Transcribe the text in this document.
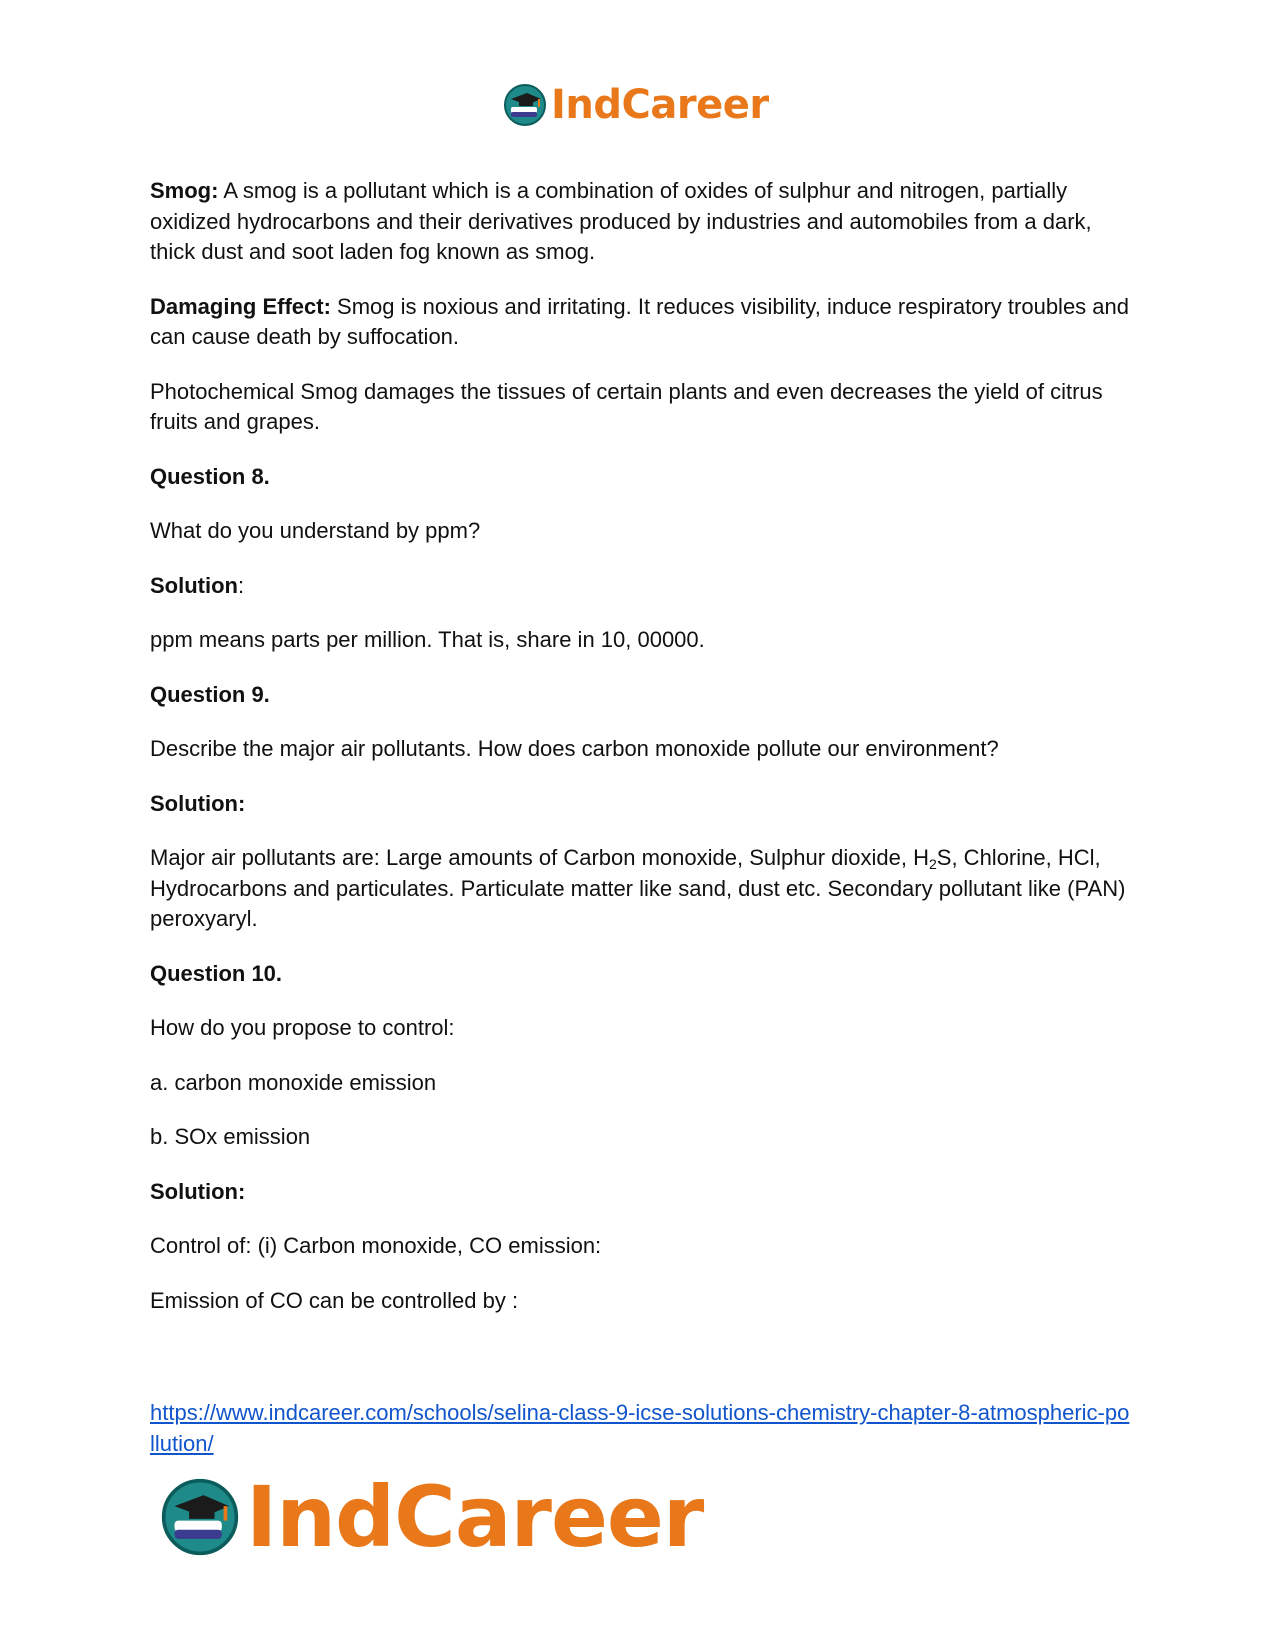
IndCareer

Smog: A smog is a pollutant which is a combination of oxides of sulphur and nitrogen, partially oxidized hydrocarbons and their derivatives produced by industries and automobiles from a dark, thick dust and soot laden fog known as smog.

Damaging Effect: Smog is noxious and irritating. It reduces visibility, induce respiratory troubles and can cause death by suffocation.

Photochemical Smog damages the tissues of certain plants and even decreases the yield of citrus fruits and grapes.

Question 8.

What do you understand by ppm?

Solution:

ppm means parts per million. That is, share in 10, 00000.

Question 9.

Describe the major air pollutants. How does carbon monoxide pollute our environment?

Solution:

Major air pollutants are: Large amounts of Carbon monoxide, Sulphur dioxide, $H_2S$, Chlorine, HCl, Hydrocarbons and particulates. Particulate matter like sand, dust etc. Secondary pollutant like (PAN) peroxyaryl.

Question 10.

How do you propose to control:

a. carbon monoxide emission

b. SOx emission

Solution:

Control of: (i) Carbon monoxide, CO emission:

Emission of CO can be controlled by :

https://www.indcareer.com/schools/selina-class-9-icse-solutions-chemistry-chapter-8-atmospheric-pollution/
IndCareer
